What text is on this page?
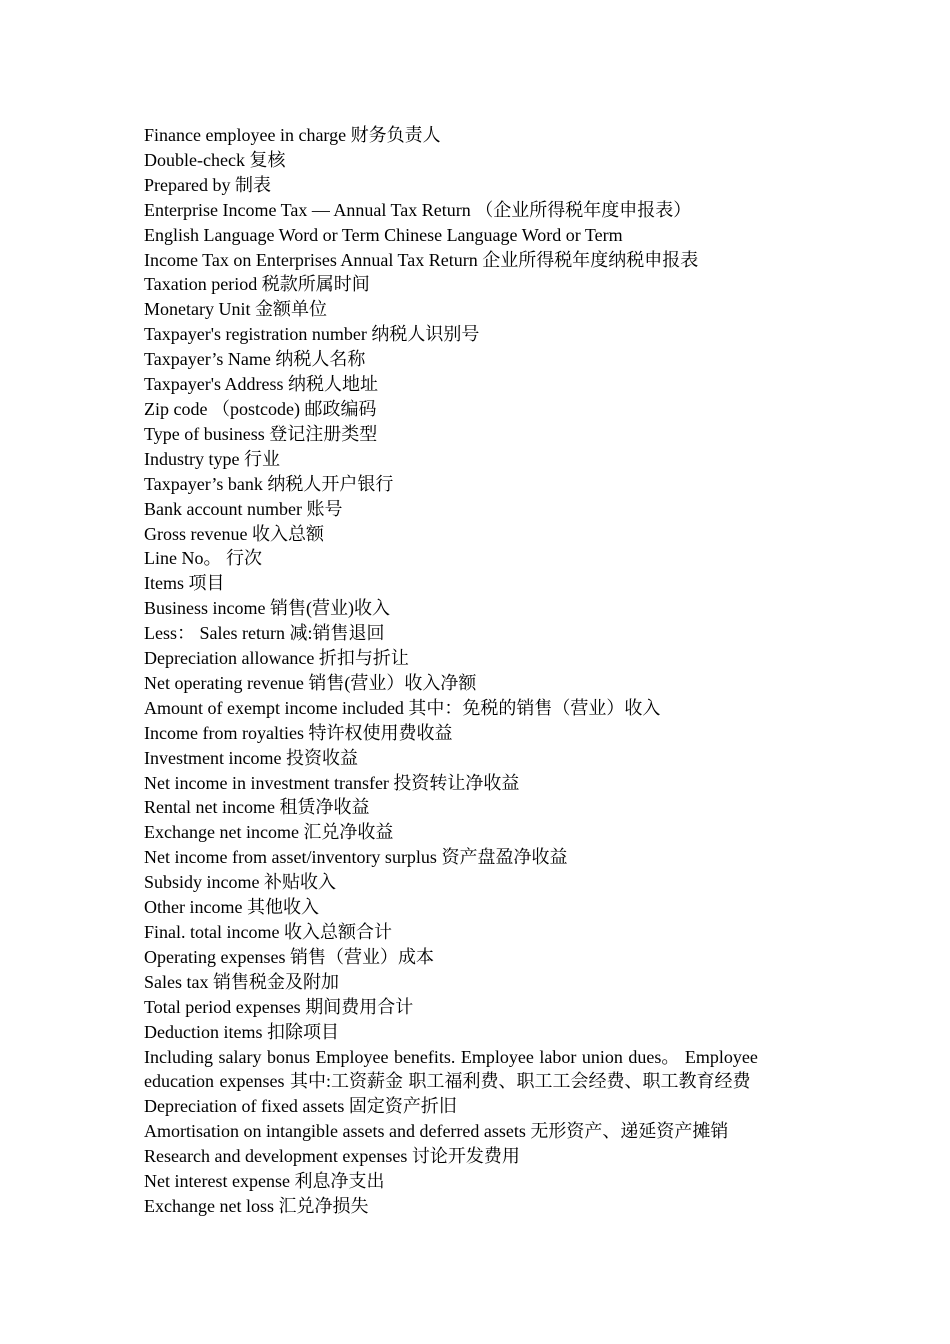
Finance employee in charge 财务负责人
Double-check 复核
Prepared by 制表
Enterprise Income Tax — Annual Tax Return （企业所得税年度申报表）
English Language Word or Term Chinese Language Word or Term
Income Tax on Enterprises Annual Tax Return 企业所得税年度纳税申报表
Taxation period 税款所属时间
Monetary Unit 金额单位
Taxpayer's registration number 纳税人识别号
Taxpayer’s Name 纳税人名称
Taxpayer's Address 纳税人地址
Zip code （postcode) 邮政编码
Type of business 登记注册类型
Industry type 行业
Taxpayer’s bank 纳税人开户银行
Bank account number 账号
Gross revenue 收入总额
Line No。 行次
Items 项目
Business income 销售(营业)收入
Less： Sales return 减:销售退回
Depreciation allowance 折扣与折让
Net operating revenue 销售(营业）收入净额
Amount of exempt income included 其中：免税的销售（营业）收入
Income from royalties 特许权使用费收益
Investment income 投资收益
Net income in investment transfer 投资转让净收益
Rental net income 租赁净收益
Exchange net income 汇兑净收益
Net income from asset/inventory surplus 资产盘盈净收益
Subsidy income 补贴收入
Other income 其他收入
Final. total income 收入总额合计
Operating expenses 销售（营业）成本
Sales tax 销售税金及附加
Total period expenses 期间费用合计
Deduction items 扣除项目
Including salary bonus Employee benefits. Employee labor union dues。 Employee education expenses 其中:工资薪金 职工福利费、职工工会经费、职工教育经费
Depreciation of fixed assets 固定资产折旧
Amortisation on intangible assets and deferred assets 无形资产、递延资产摊销
Research and development expenses 讨论开发费用
Net interest expense 利息净支出
Exchange net loss 汇兑净损失
